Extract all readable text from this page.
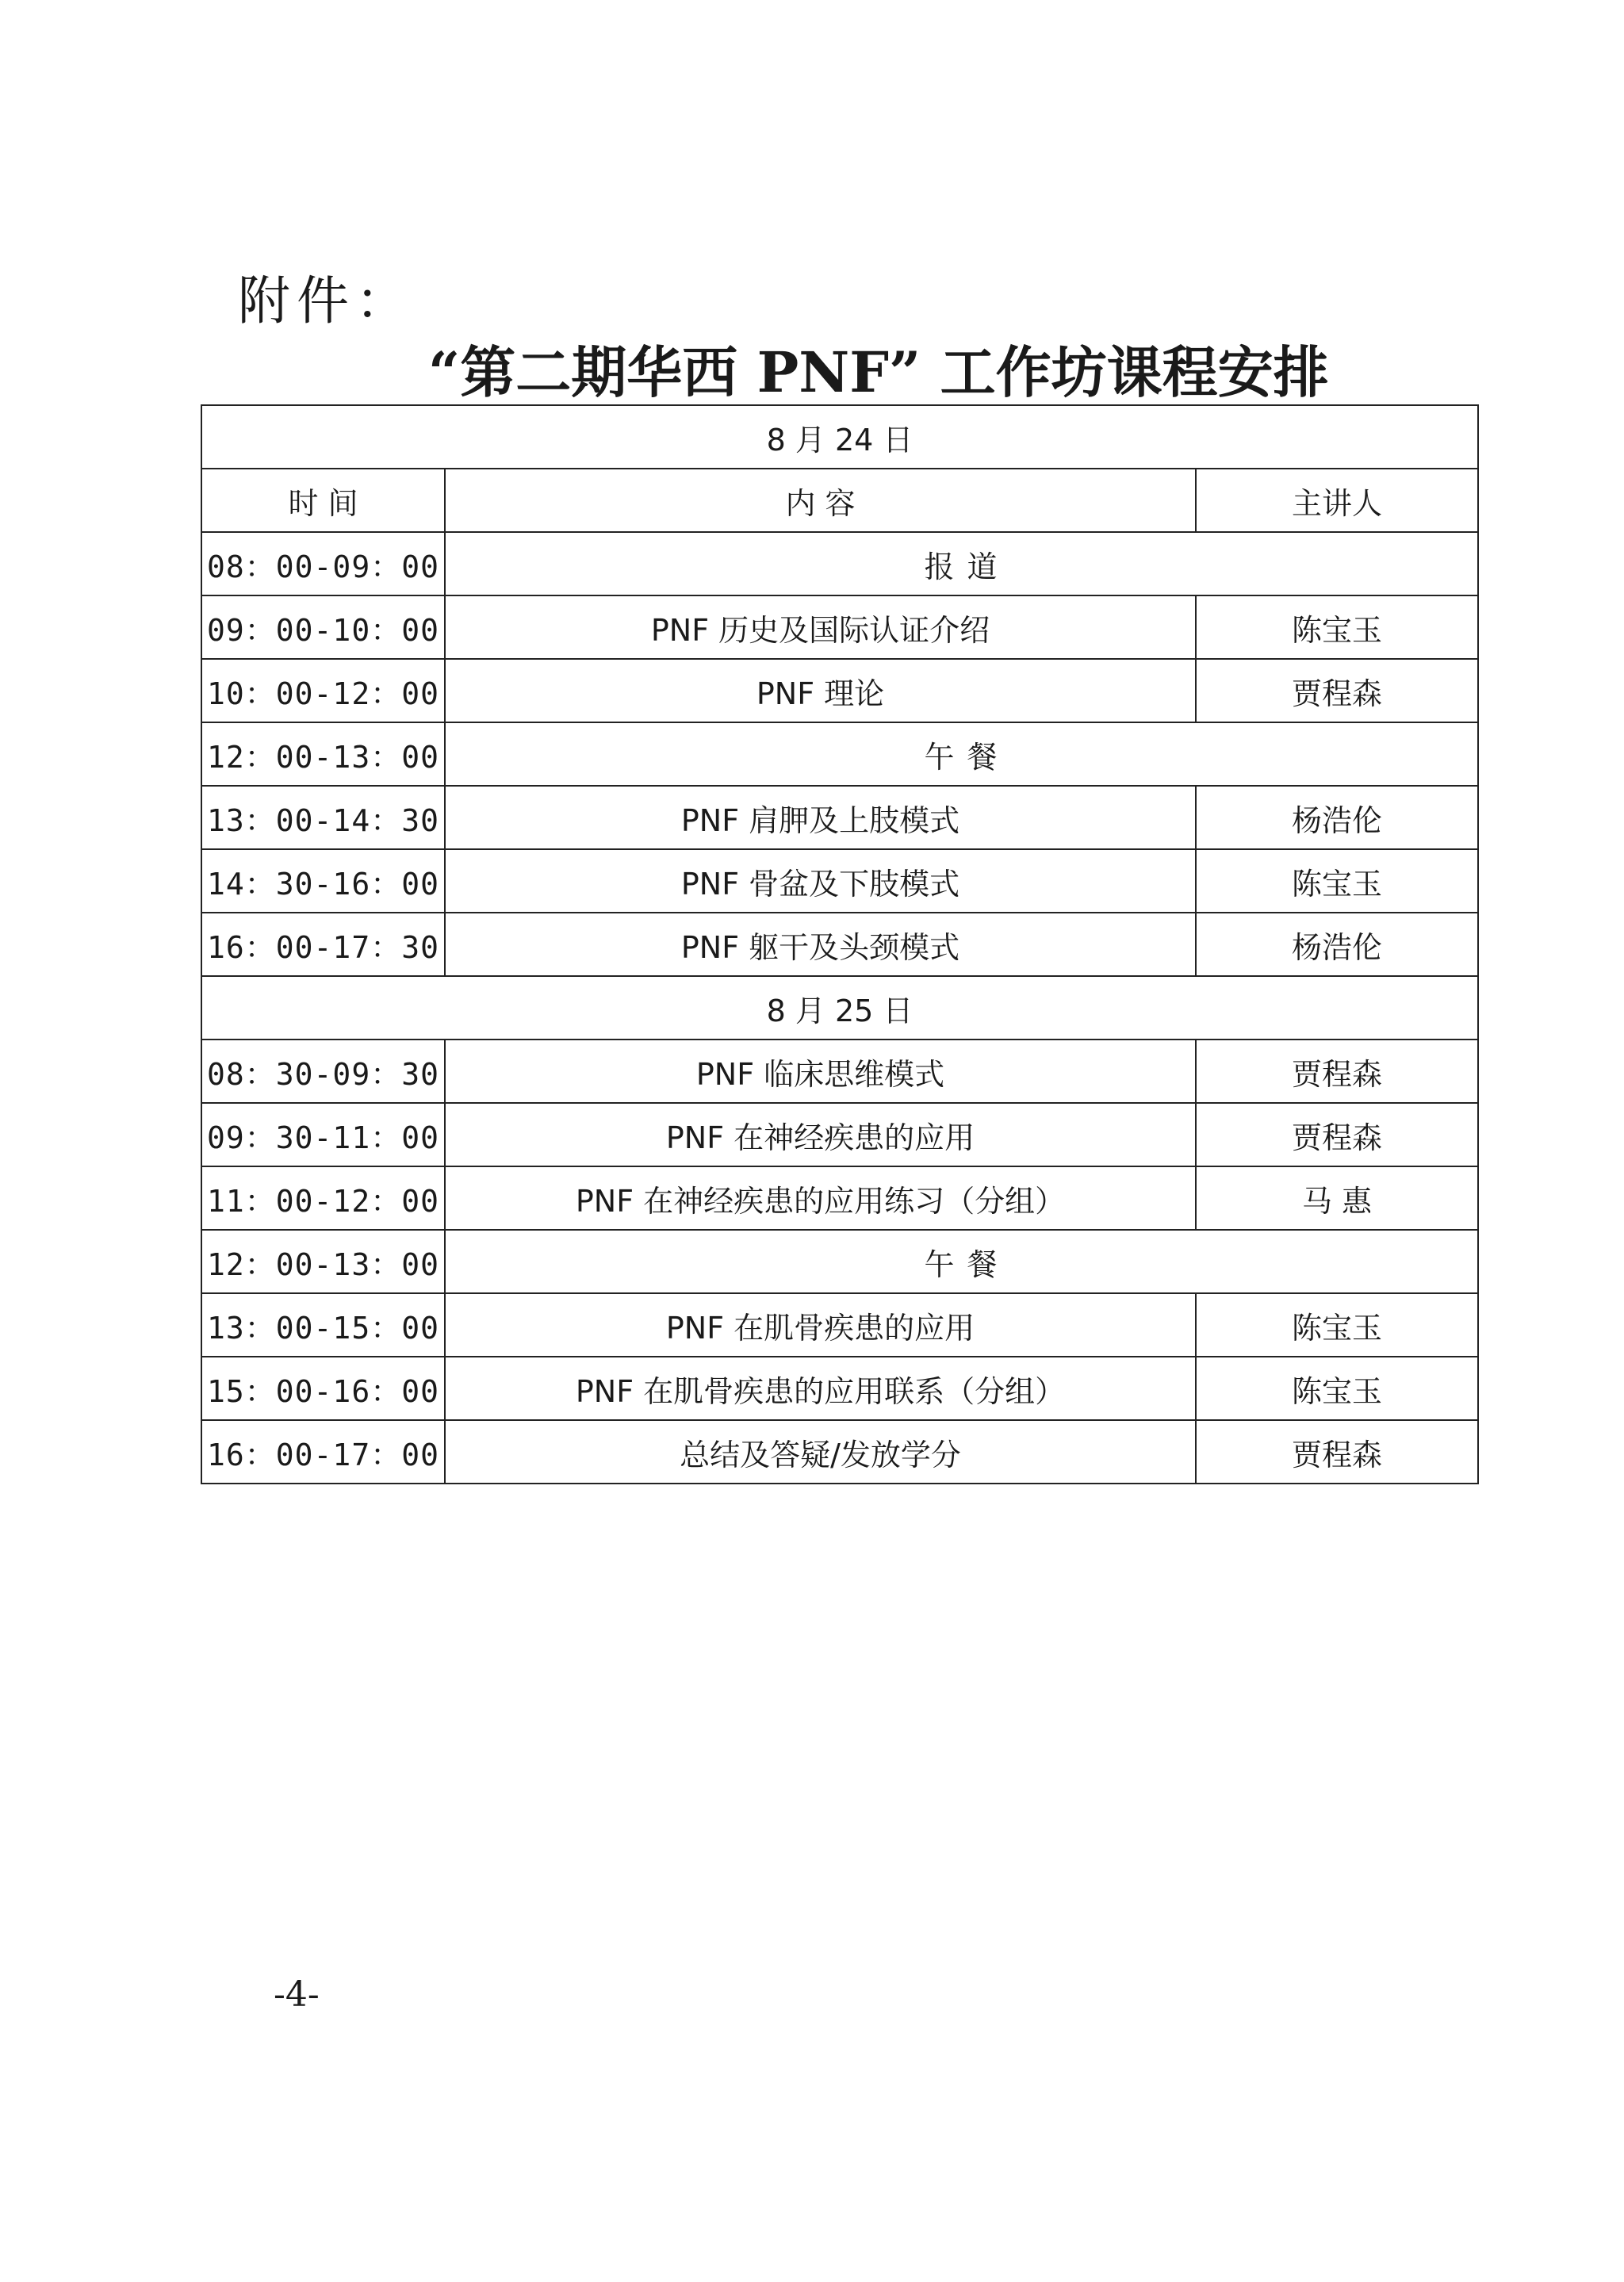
附件：
“第二期华西 PNF” 工作坊课程安排
8 月 24 日		
时 间	内 容	主讲人
08：00-09：00	报 道	
09：00-10：00	PNF 历史及国际认证介绍	陈宝玉
10：00-12：00	PNF 理论	贾程森
12：00-13：00	午 餐	
13：00-14：30	PNF 肩胛及上肢模式	杨浩伦
14：30-16：00	PNF 骨盆及下肢模式	陈宝玉
16：00-17：30	PNF 躯干及头颈模式	杨浩伦
8 月 25 日		
08：30-09：30	PNF 临床思维模式	贾程森
09：30-11：00	PNF 在神经疾患的应用	贾程森
11：00-12：00	PNF 在神经疾患的应用练习（分组）	马 惠
12：00-13：00	午 餐	
13：00-15：00	PNF 在肌骨疾患的应用	陈宝玉
15：00-16：00	PNF 在肌骨疾患的应用联系（分组）	陈宝玉
16：00-17：00	总结及答疑/发放学分	贾程森
-4-
